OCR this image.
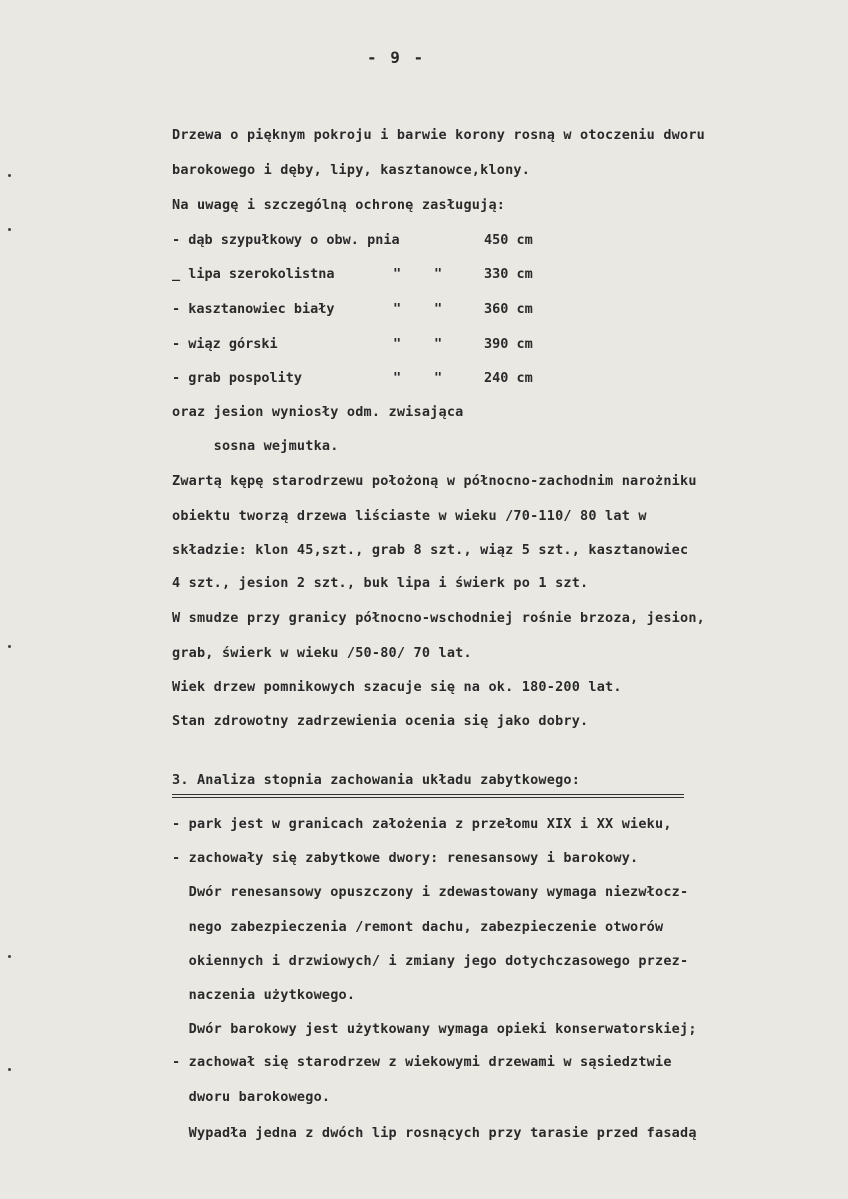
- 9 -
Drzewa o pięknym pokroju i barwie korony rosną w otoczeniu dworu
barokowego i dęby, lipy, kasztanowce,klony.
Na uwagę i szczególną ochronę zasługują:
- dąb szypułkowy o obw. pnia	450 cm
_ lipa szerokolistna	" "	330 cm
- kasztanowiec biały	" "	360 cm
- wiąz górski	" "	390 cm
- grab pospolity	" "	240 cm
oraz jesion wyniosły odm. zwisająca
sosna wejmutka.
Zwartą kępę starodrzewu położoną w północno-zachodnim narożniku
obiektu tworzą drzewa liściaste w wieku /70-110/ 80 lat w
składzie: klon 45,szt., grab 8 szt., wiąz 5 szt., kasztanowiec
4 szt., jesion 2 szt., buk lipa i świerk po 1 szt.
W smudze przy granicy północno-wschodniej rośnie brzoza, jesion,
grab, świerk w wieku /50-80/ 70 lat.
Wiek drzew pomnikowych szacuje się na ok. 180-200 lat.
Stan zdrowotny zadrzewienia ocenia się jako dobry.
3. Analiza stopnia zachowania układu zabytkowego:
- park jest w granicach założenia z przełomu XIX i XX wieku,
- zachowały się zabytkowe dwory: renesansowy i barokowy.
Dwór renesansowy opuszczony i zdewastowany wymaga niezwłocz-
nego zabezpieczenia /remont dachu, zabezpieczenie otworów
okiennych i drzwiowych/ i zmiany jego dotychczasowego przez-
naczenia użytkowego.
Dwór barokowy jest użytkowany wymaga opieki konserwatorskiej;
- zachował się starodrzew z wiekowymi drzewami w sąsiedztwie
dworu barokowego.
Wypadła jedna z dwóch lip rosnących przy tarasie przed fasadą
